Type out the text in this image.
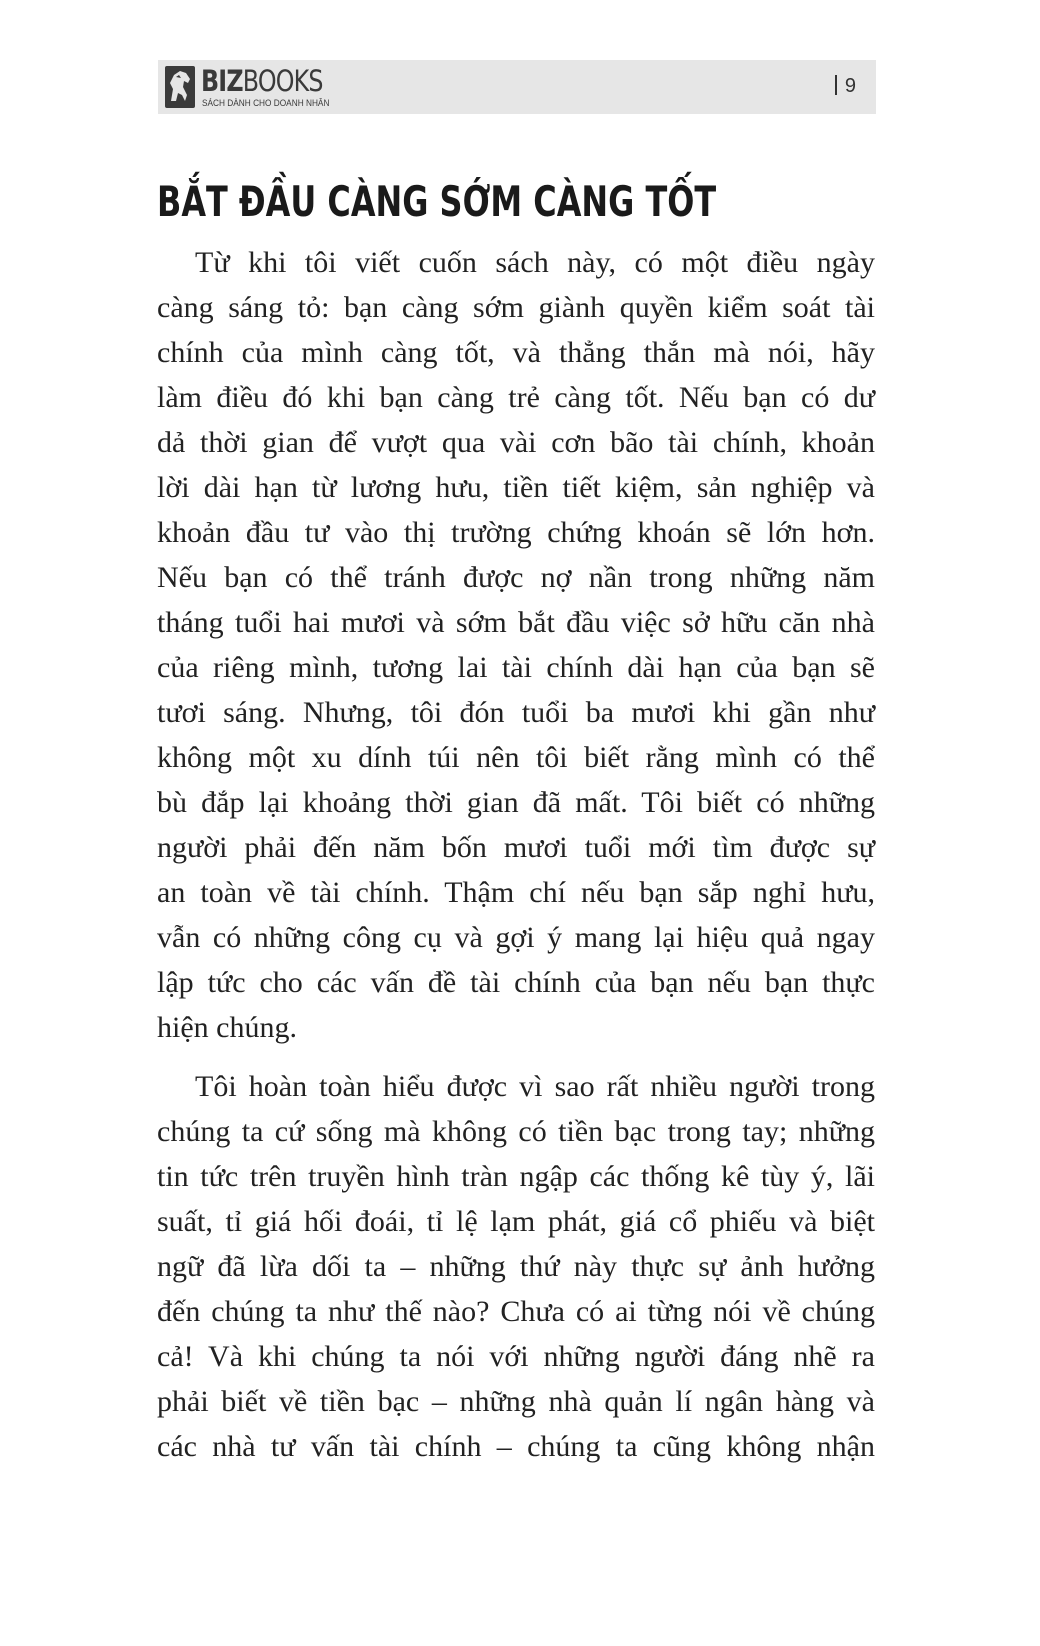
BIZBOOKS
SÁCH DÀNH CHO DOANH NHÂN
9
BẮT ĐẦU CÀNG SỚM CÀNG TỐT

Từ khi tôi viết cuốn sách này, có một điều ngày
càng sáng tỏ: bạn càng sớm giành quyền kiểm soát tài
chính của mình càng tốt, và thẳng thắn mà nói, hãy
làm điều đó khi bạn càng trẻ càng tốt. Nếu bạn có dư
dả thời gian để vượt qua vài cơn bão tài chính, khoản
lời dài hạn từ lương hưu, tiền tiết kiệm, sản nghiệp và
khoản đầu tư vào thị trường chứng khoán sẽ lớn hơn.
Nếu bạn có thể tránh được nợ nần trong những năm
tháng tuổi hai mươi và sớm bắt đầu việc sở hữu căn nhà
của riêng mình, tương lai tài chính dài hạn của bạn sẽ
tươi sáng. Nhưng, tôi đón tuổi ba mươi khi gần như
không một xu dính túi nên tôi biết rằng mình có thể
bù đắp lại khoảng thời gian đã mất. Tôi biết có những
người phải đến năm bốn mươi tuổi mới tìm được sự
an toàn về tài chính. Thậm chí nếu bạn sắp nghỉ hưu,
vẫn có những công cụ và gợi ý mang lại hiệu quả ngay
lập tức cho các vấn đề tài chính của bạn nếu bạn thực
hiện chúng.

Tôi hoàn toàn hiểu được vì sao rất nhiều người trong
chúng ta cứ sống mà không có tiền bạc trong tay; những
tin tức trên truyền hình tràn ngập các thống kê tùy ý, lãi
suất, tỉ giá hối đoái, tỉ lệ lạm phát, giá cổ phiếu và biệt
ngữ đã lừa dối ta – những thứ này thực sự ảnh hưởng
đến chúng ta như thế nào? Chưa có ai từng nói về chúng
cả! Và khi chúng ta nói với những người đáng nhẽ ra
phải biết về tiền bạc – những nhà quản lí ngân hàng và
các nhà tư vấn tài chính – chúng ta cũng không nhận
